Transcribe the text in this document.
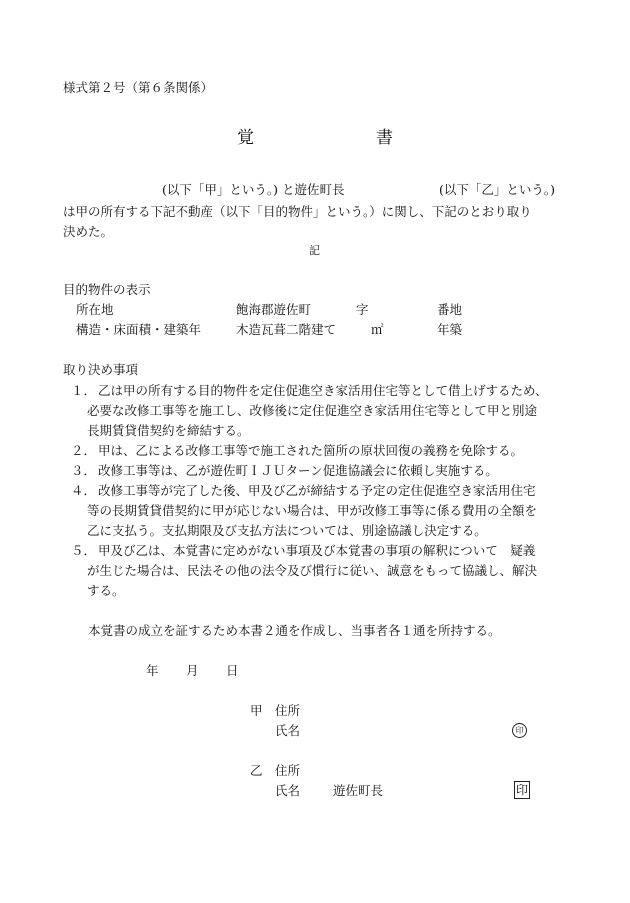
様式第２号（第６条関係）
覚	書
(以下「甲」という。) と遊佐町長	(以下「乙」という。)
は甲の所有する下記不動産（以下「目的物件」という。）に関し、下記のとおり取り
決めた。
記
目的物件の表示
所在地	飽海郡遊佐町	字	番地
構造・床面積・建築年	木造瓦葺二階建て	㎡	年築
取り決め事項
１． 乙は甲の所有する目的物件を定住促進空き家活用住宅等として借上げするため、
必要な改修工事等を施工し、改修後に定住促進空き家活用住宅等として甲と別途
長期賃貸借契約を締結する。
２． 甲は、乙による改修工事等で施工された箇所の原状回復の義務を免除する。
３． 改修工事等は、乙が遊佐町ＩＪＵターン促進協議会に依頼し実施する。
４． 改修工事等が完了した後、甲及び乙が締結する予定の定住促進空き家活用住宅
等の長期賃貸借契約に甲が応じない場合は、甲が改修工事等に係る費用の全額を
乙に支払う。支払期限及び支払方法については、別途協議し決定する。
５． 甲及び乙は、本覚書に定めがない事項及び本覚書の事項の解釈について　疑義
が生じた場合は、民法その他の法令及び慣行に従い、誠意をもって協議し、解決
する。
本覚書の成立を証するため本書２通を作成し、当事者各１通を所持する。
年 月 日
甲 住所
氏名	印
乙 住所
氏名	遊佐町長	印
